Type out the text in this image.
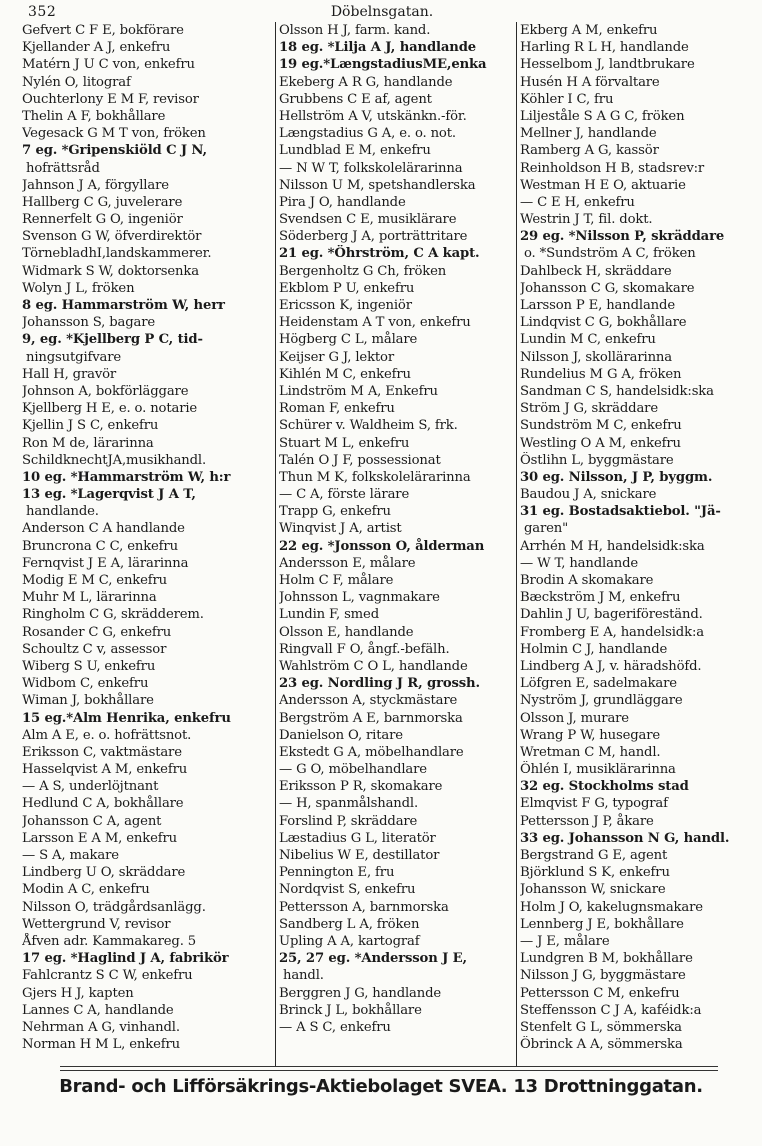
352	Döbelnsgatan.
Gefvert C F E, bokförare
Kjellander A J, enkefru
Matérn J U C von, enkefru
Nylén O, litograf
Ouchterlony E M F, revisor
Thelin A F, bokhållare
Vegesack G M T von, fröken
7 eg. *Gripenskiöld C J N,
hofrättsråd
Jahnson J A, förgyllare
Hallberg C G, juvelerare
Rennerfelt G O, ingeniör
Svenson G W, öfverdirektör
TörnebladhI,landskammerer.
Widmark S W, doktorsenka
Wolyn J L, fröken
8 eg. Hammarström W, herr
Johansson S, bagare
9, eg. *Kjellberg P C, tid-
ningsutgifvare
Hall H, gravör
Johnson A, bokförläggare
Kjellberg H E, e. o. notarie
Kjellin J S C, enkefru
Ron M de, lärarinna
SchildknechtJA,musikhandl.
10 eg. *Hammarström W, h:r
13 eg. *Lagerqvist J A T,
handlande.
Anderson C A handlande
Bruncrona C C, enkefru
Fernqvist J E A, lärarinna
Modig E M C, enkefru
Muhr M L, lärarinna
Ringholm C G, skrädderem.
Rosander C G, enkefru
Schoultz C v, assessor
Wiberg S U, enkefru
Widbom C, enkefru
Wiman J, bokhållare
15 eg.*Alm Henrika, enkefru
Alm A E, e. o. hofrättsnot.
Eriksson C, vaktmästare
Hasselqvist A M, enkefru
— A S, underlöjtnant
Hedlund C A, bokhållare
Johansson C A, agent
Larsson E A M, enkefru
— S A, makare
Lindberg U O, skräddare
Modin A C, enkefru
Nilsson O, trädgårdsanlägg.
Wettergrund V, revisor
Åfven adr. Kammakareg. 5
17 eg. *Haglind J A, fabrikör
Fahlcrantz S C W, enkefru
Gjers H J, kapten
Lannes C A, handlande
Nehrman A G, vinhandl.
Norman H M L, enkefru
Olsson H J, farm. kand.
18 eg. *Lilja A J, handlande
19 eg.*LængstadiusME,enka
Ekeberg A R G, handlande
Grubbens C E af, agent
Hellström A V, utskänkn.-för.
Længstadius G A, e. o. not.
Lundblad E M, enkefru
— N W T, folkskolelärarinna
Nilsson U M, spetshandlerska
Pira J O, handlande
Svendsen C E, musiklärare
Söderberg J A, porträttritare
21 eg. *Öhrström, C A kapt.
Bergenholtz G Ch, fröken
Ekblom P U, enkefru
Ericsson K, ingeniör
Heidenstam A T von, enkefru
Högberg C L, målare
Keijser G J, lektor
Kihlén M C, enkefru
Lindström M A, Enkefru
Roman F, enkefru
Schürer v. Waldheim S, frk.
Stuart M L, enkefru
Talén O J F, possessionat
Thun M K, folkskolelärarinna
— C A, förste lärare
Trapp G, enkefru
Winqvist J A, artist
22 eg. *Jonsson O, ålderman
Andersson E, målare
Holm C F, målare
Johnsson L, vagnmakare
Lundin F, smed
Olsson E, handlande
Ringvall F O, ångf.-befälh.
Wahlström C O L, handlande
23 eg. Nordling J R, grossh.
Andersson A, styckmästare
Bergström A E, barnmorska
Danielson O, ritare
Ekstedt G A, möbelhandlare
— G O, möbelhandlare
Eriksson P R, skomakare
— H, spanmålshandl.
Forslind P, skräddare
Læstadius G L, literatör
Nibelius W E, destillator
Pennington E, fru
Nordqvist S, enkefru
Pettersson A, barnmorska
Sandberg L A, fröken
Upling A A, kartograf
25, 27 eg. *Andersson J E,
handl.
Berggren J G, handlande
Brinck J L, bokhållare
— A S C, enkefru
Ekberg A M, enkefru
Harling R L H, handlande
Hesselbom J, landtbrukare
Husén H A förvaltare
Köhler I C, fru
Liljeståle S A G C, fröken
Mellner J, handlande
Ramberg A G, kassör
Reinholdson H B, stadsrev:r
Westman H E O, aktuarie
— C E H, enkefru
Westrin J T, fil. dokt.
29 eg. *Nilsson P, skräddare
o. *Sundström A C, fröken
Dahlbeck H, skräddare
Johansson C G, skomakare
Larsson P E, handlande
Lindqvist C G, bokhållare
Lundin M C, enkefru
Nilsson J, skollärarinna
Rundelius M G A, fröken
Sandman C S, handelsidk:ska
Ström J G, skräddare
Sundström M C, enkefru
Westling O A M, enkefru
Östlihn L, byggmästare
30 eg. Nilsson, J P, byggm.
Baudou J A, snickare
31 eg. Bostadsaktiebol. "Jä-
garen"
Arrhén M H, handelsidk:ska
— W T, handlande
Brodin A skomakare
Bæckström J M, enkefru
Dahlin J U, bageriföreständ.
Fromberg E A, handelsidk:a
Holmin C J, handlande
Lindberg A J, v. häradshöfd.
Löfgren E, sadelmakare
Nyström J, grundläggare
Olsson J, murare
Wrang P W, husegare
Wretman C M, handl.
Öhlén I, musiklärarinna
32 eg. Stockholms stad
Elmqvist F G, typograf
Pettersson J P, åkare
33 eg. Johansson N G, handl.
Bergstrand G E, agent
Björklund S K, enkefru
Johansson W, snickare
Holm J O, kakelugnsmakare
Lennberg J E, bokhållare
— J E, målare
Lundgren B M, bokhållare
Nilsson J G, byggmästare
Pettersson C M, enkefru
Steffensson C J A, kaféidk:a
Stenfelt G L, sömmerska
Öbrinck A A, sömmerska
Brand- och Lifförsäkrings-Aktiebolaget SVEA. 13 Drottninggatan.
